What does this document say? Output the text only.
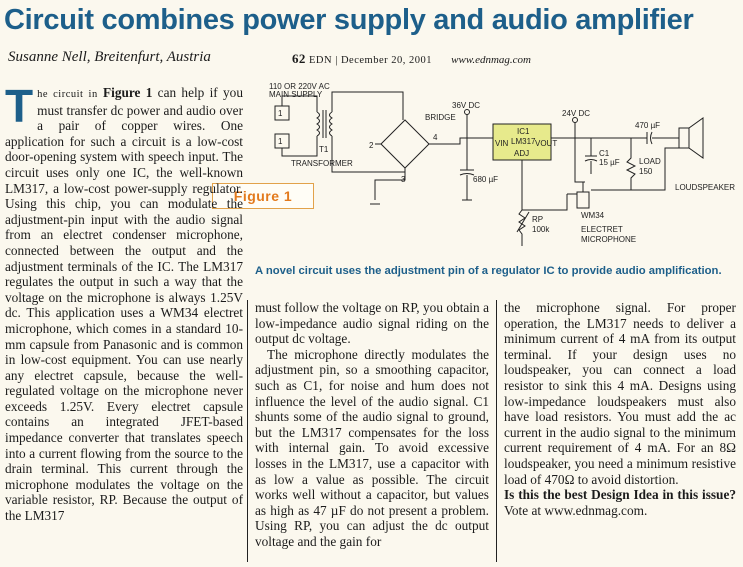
Circuit combines power supply and audio amplifier
Susanne Nell, Breitenfurt, Austria	62 EDN | December 20, 2001 www.ednmag.com
110 OR 220V AC
MAIN SUPPLY
1
1
T1
TRANSFORMER
BRIDGE
36V DC
680 µF
2
4
3
IC1
LM317
ADJ
VIN	VOUT
24V DC
C1
15 µF
470 µF
LOAD
150
LOUDSPEAKER
RP
100k
WM34
ELECTRET
MICROPHONE
Figure 1
A novel circuit uses the adjustment pin of a regulator IC to provide audio amplification.

T he circuit in Figure 1 can help if you must transfer dc power and audio over a pair of copper wires. One application for such a circuit is a low-cost door-opening system with speech input. The circuit uses only one IC, the well-known LM317, a low-cost power-supply regulator. Using this chip, you can modulate the adjustment-pin input with the audio signal from an electret condenser microphone, connected between the output and the adjustment terminals of the IC. The LM317 regulates the output in such a way that the voltage on the microphone is always 1.25V dc. This application uses a WM34 electret microphone, which comes in a standard 10-mm capsule from Panasonic and is common in low-cost equipment. You can use nearly any electret capsule, because the well-regulated voltage on the microphone never exceeds 1.25V. Every electret capsule contains an integrated JFET-based impedance converter that translates speech into a current flowing from the source to the drain terminal. This current through the microphone modulates the voltage on the variable resistor, RP. Because the output of the LM317

must follow the voltage on RP, you obtain a low-impedance audio signal riding on the output dc voltage.

The microphone directly modulates the adjustment pin, so a smoothing capacitor, such as C1, for noise and hum does not influence the level of the audio signal. C1 shunts some of the audio signal to ground, but the LM317 compensates for the loss with internal gain. To avoid excessive losses in the LM317, use a capacitor with as low a value as possible. The circuit works well without a capacitor, but values as high as 47 µF do not present a problem. Using RP, you can adjust the dc output voltage and the gain for

the microphone signal. For proper operation, the LM317 needs to deliver a minimum current of 4 mA from its output terminal. If your design uses no loudspeaker, you can connect a load resistor to sink this 4 mA. Designs using low-impedance loudspeakers must also have load resistors. You must add the ac current in the audio signal to the minimum current requirement of 4 mA. For an 8Ω loudspeaker, you need a minimum resistive load of 470Ω to avoid distortion.

Is this the best Design Idea in this issue? Vote at www.ednmag.com.
